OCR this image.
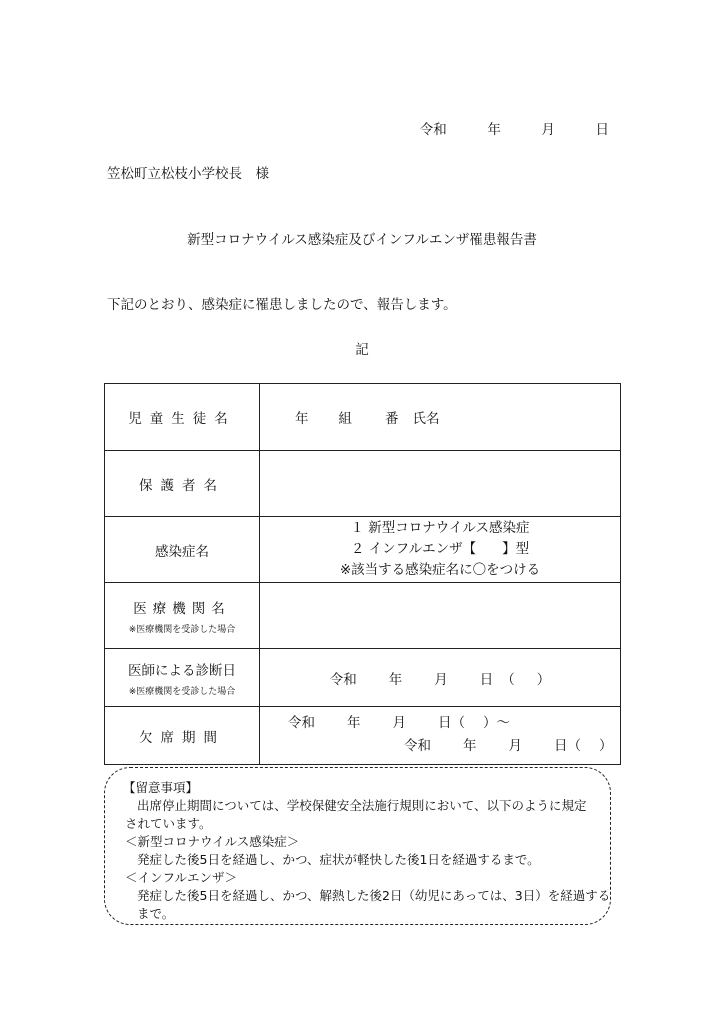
令和	年	月	日
笠松町立松枝小学校長　様
新型コロナウイルス感染症及びインフルエンザ罹患報告書
下記のとおり、感染症に罹患しましたので、報告します。
記
児童生徒名	年 組 番 氏名

保護者名	
感染症名	１ 新型コロナウイルス感染症
２ インフルエンザ【 】型
※該当する感染症名に〇をつける

医療機関名
※医療機関を受診した場合	

医師による診断日
※医療機関を受診した場合	令和 年 月 日 （ ）
欠席期間	令和 年 月 日（ ）～
令和 年 月 日（ ）
【留意事項】
出席停止期間については、学校保健安全法施行規則において、以下のように規定
されています。
＜新型コロナウイルス感染症＞
発症した後5日を経過し、かつ、症状が軽快した後1日を経過するまで。
＜インフルエンザ＞
発症した後5日を経過し、かつ、解熱した後2日（幼児にあっては、3日）を経過する
まで。
